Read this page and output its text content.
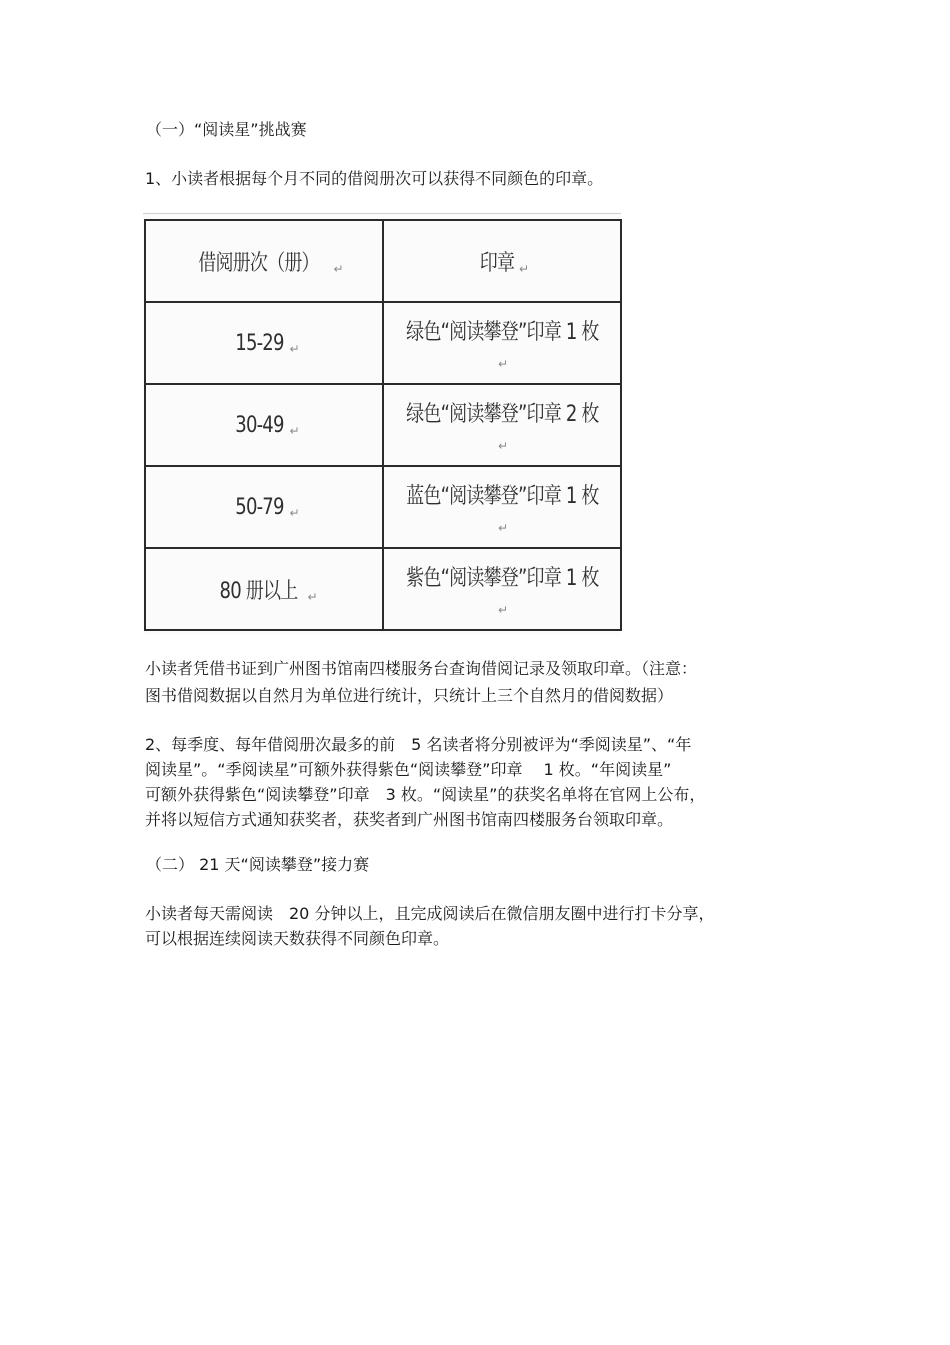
（一）“阅读星”挑战赛
1、小读者根据每个月不同的借阅册次可以获得不同颜色的印章。
借阅册次（册） ↵	印章 ↵
15-29 ↵	绿色“阅读攀登”印章 1 枚↵
30-49 ↵	绿色“阅读攀登”印章 2 枚↵
50-79 ↵	蓝色“阅读攀登”印章 1 枚↵
80 册以上 ↵	紫色“阅读攀登”印章 1 枚↵
小读者凭借书证到广州图书馆南四楼服务台查询借阅记录及领取印章。（注意：
图书借阅数据以自然月为单位进行统计，只统计上三个自然月的借阅数据）
2、每季度、每年借阅册次最多的前　5 名读者将分别被评为“季阅读星”、“年
阅读星”。“季阅读星”可额外获得紫色“阅读攀登”印章　 1 枚。“年阅读星”
可额外获得紫色“阅读攀登”印章　3 枚。“阅读星”的获奖名单将在官网上公布，
并将以短信方式通知获奖者，获奖者到广州图书馆南四楼服务台领取印章。
（二） 21 天“阅读攀登”接力赛
小读者每天需阅读　20 分钟以上，且完成阅读后在微信朋友圈中进行打卡分享，
可以根据连续阅读天数获得不同颜色印章。
